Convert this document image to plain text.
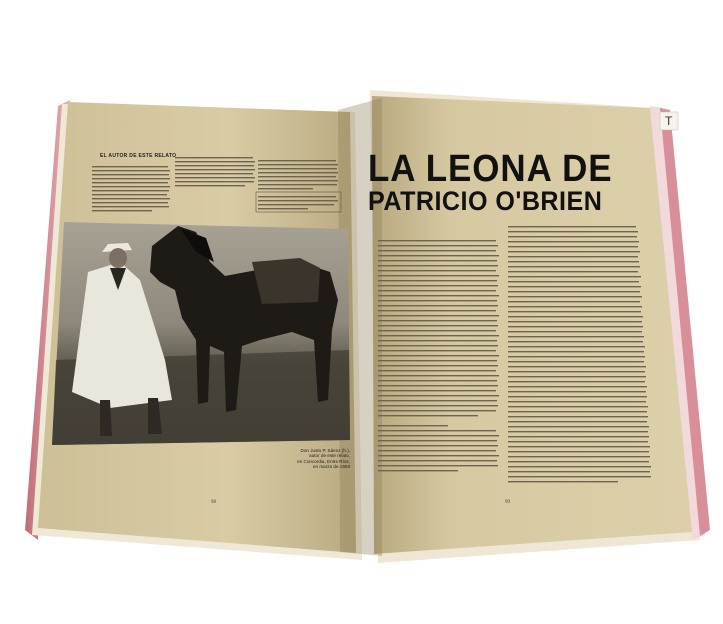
EL AUTOR DE ESTE RELATO
Don Justo P. Sáenz (h.),
autor de este relato,
en Concordia, Entre Ríos,
en marzo de 1959
98
LA LEONA DE
PATRICIO O'BRIEN
99
T
